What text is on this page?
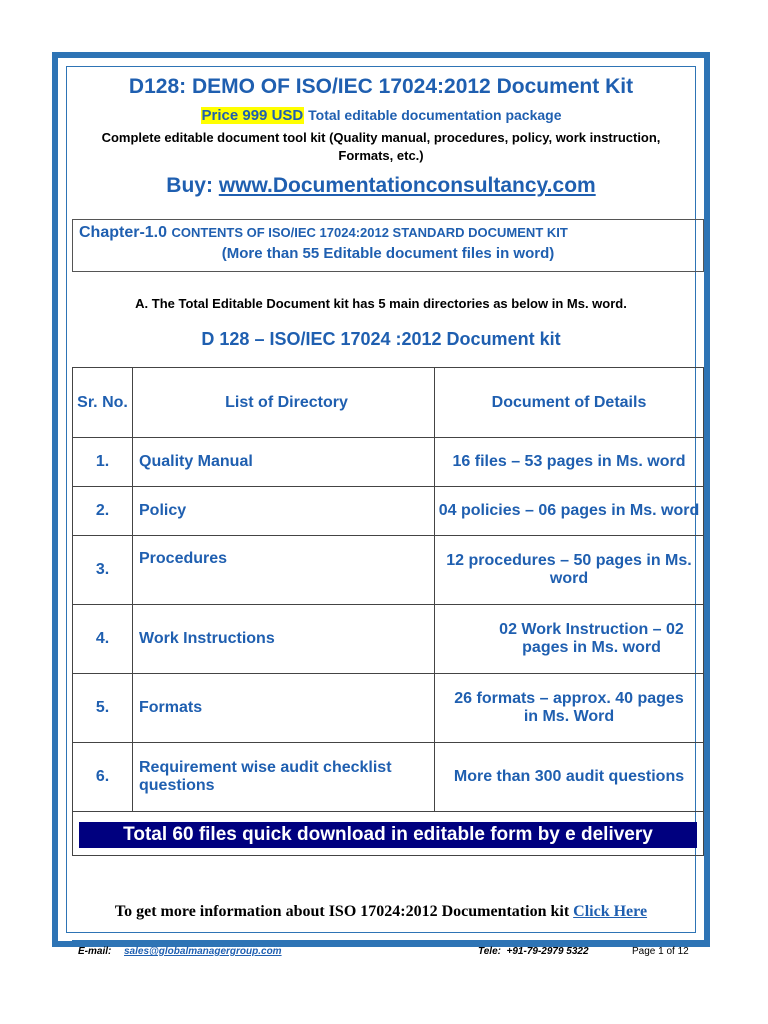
D128: DEMO OF ISO/IEC 17024:2012 Document Kit
Price 999 USD Total editable documentation package
Complete editable document tool kit (Quality manual, procedures, policy, work instruction, Formats, etc.)
Buy: www.Documentationconsultancy.com
Chapter-1.0 CONTENTS OF ISO/IEC 17024:2012 STANDARD DOCUMENT KIT
(More than 55 Editable document files in word)
A. The Total Editable Document kit has 5 main directories as below in Ms. word.
D 128 – ISO/IEC 17024 :2012 Document kit
Sr. No.	List of Directory	Document of Details
1.	Quality Manual	16 files – 53 pages in Ms. word
2.	Policy	04 policies – 06 pages in Ms. word
3.	Procedures	12 procedures – 50 pages in Ms. word
4.	Work Instructions	02 Work Instruction – 02 pages in Ms. word
5.	Formats	26 formats – approx. 40 pages in Ms. Word
6.	Requirement wise audit checklist questions	More than 300 audit questions

Total 60 files quick download in editable form by e delivery		
To get more information about ISO 17024:2012 Documentation kit Click Here
E-mail: sales@globalmanagergroup.com	Tele:  +91-79-2979 5322	Page 1 of 12
